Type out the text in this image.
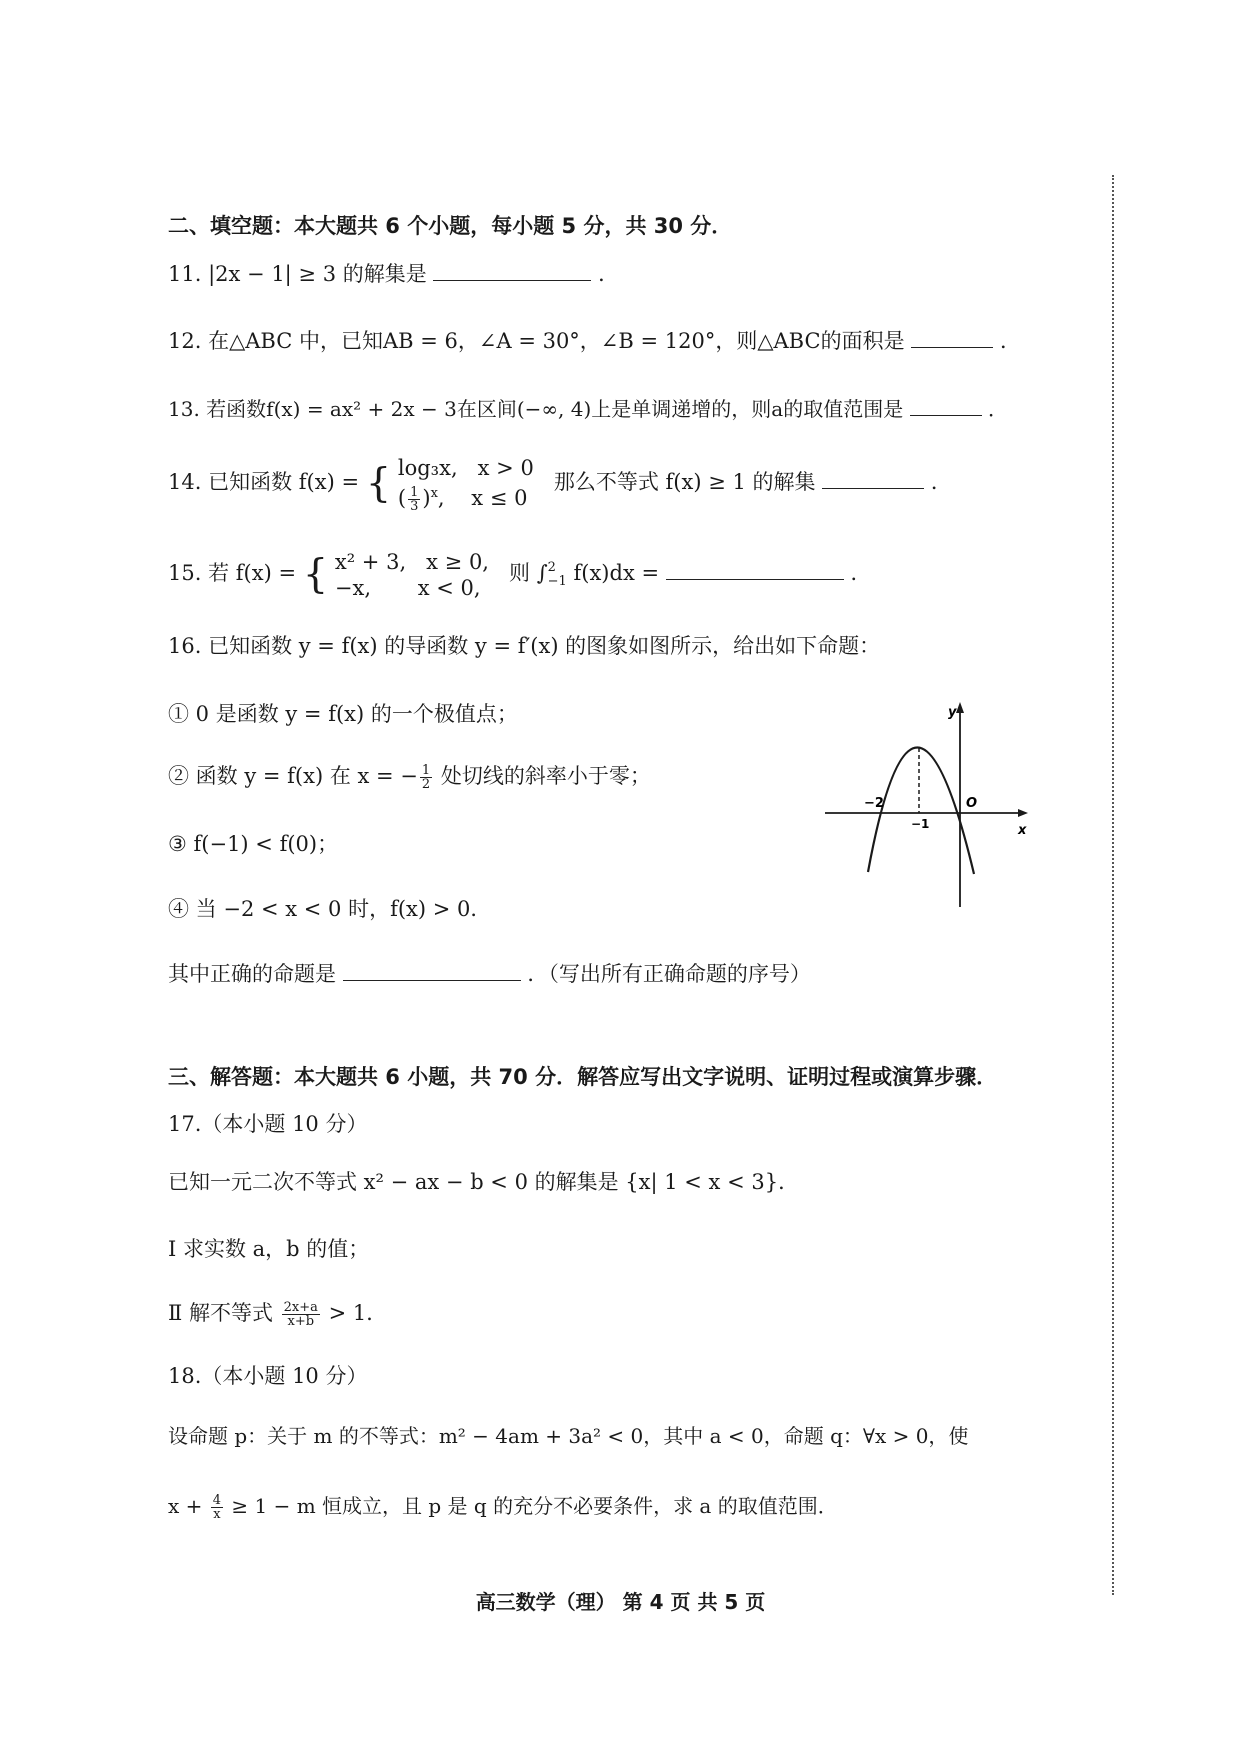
二、填空题：本大题共 6 个小题，每小题 5 分，共 30 分．
11. |2x − 1| ≥ 3 的解集是	．
12. 在△ABC 中，已知AB = 6，∠A = 30°，∠B = 120°，则△ABC的面积是	．
13. 若函数f(x) = ax² + 2x − 3在区间(−∞, 4)上是单调递增的，则a的取值范围是	．
14. 已知函数 f(x) = { log₃x, x > 0
( $\frac{1}{3} )^x$, x ≤ 0
那么不等式 f(x) ≥ 1 的解集	．
15. 若 f(x) = { x² + 3, x ≥ 0,
−x, x < 0,
则 ∫ 2
−1 f(x)dx =	．
16. 已知函数 y = f(x) 的导函数 y = f′(x) 的图象如图所示，给出如下命题：
① 0 是函数 y = f(x) 的一个极值点；
② 函数 y = f(x) 在 x = − $\frac{1}{2}$ 处切线的斜率小于零；
③ f(−1) < f(0)；
④ 当 −2 < x < 0 时，f(x) > 0．
其中正确的命题是	．（写出所有正确命题的序号）
y
x
−2
−1
O
三、解答题：本大题共 6 小题，共 70 分．解答应写出文字说明、证明过程或演算步骤．
17.（本小题 10 分）
已知一元二次不等式 x² − ax − b < 0 的解集是 {x| 1 < x < 3}．
Ⅰ 求实数 a，b 的值；
Ⅱ 解不等式 $\frac{2x+a}{x+b} > 1$．
18.（本小题 10 分）
设命题 p：关于 m 的不等式：m² − 4am + 3a² < 0，其中 a < 0，命题 q：∀x > 0，使
$x + \frac{4}{x} \ge 1 - m$ 恒成立，且 p 是 q 的充分不必要条件，求 a 的取值范围．
高三数学（理） 第 4 页 共 5 页
